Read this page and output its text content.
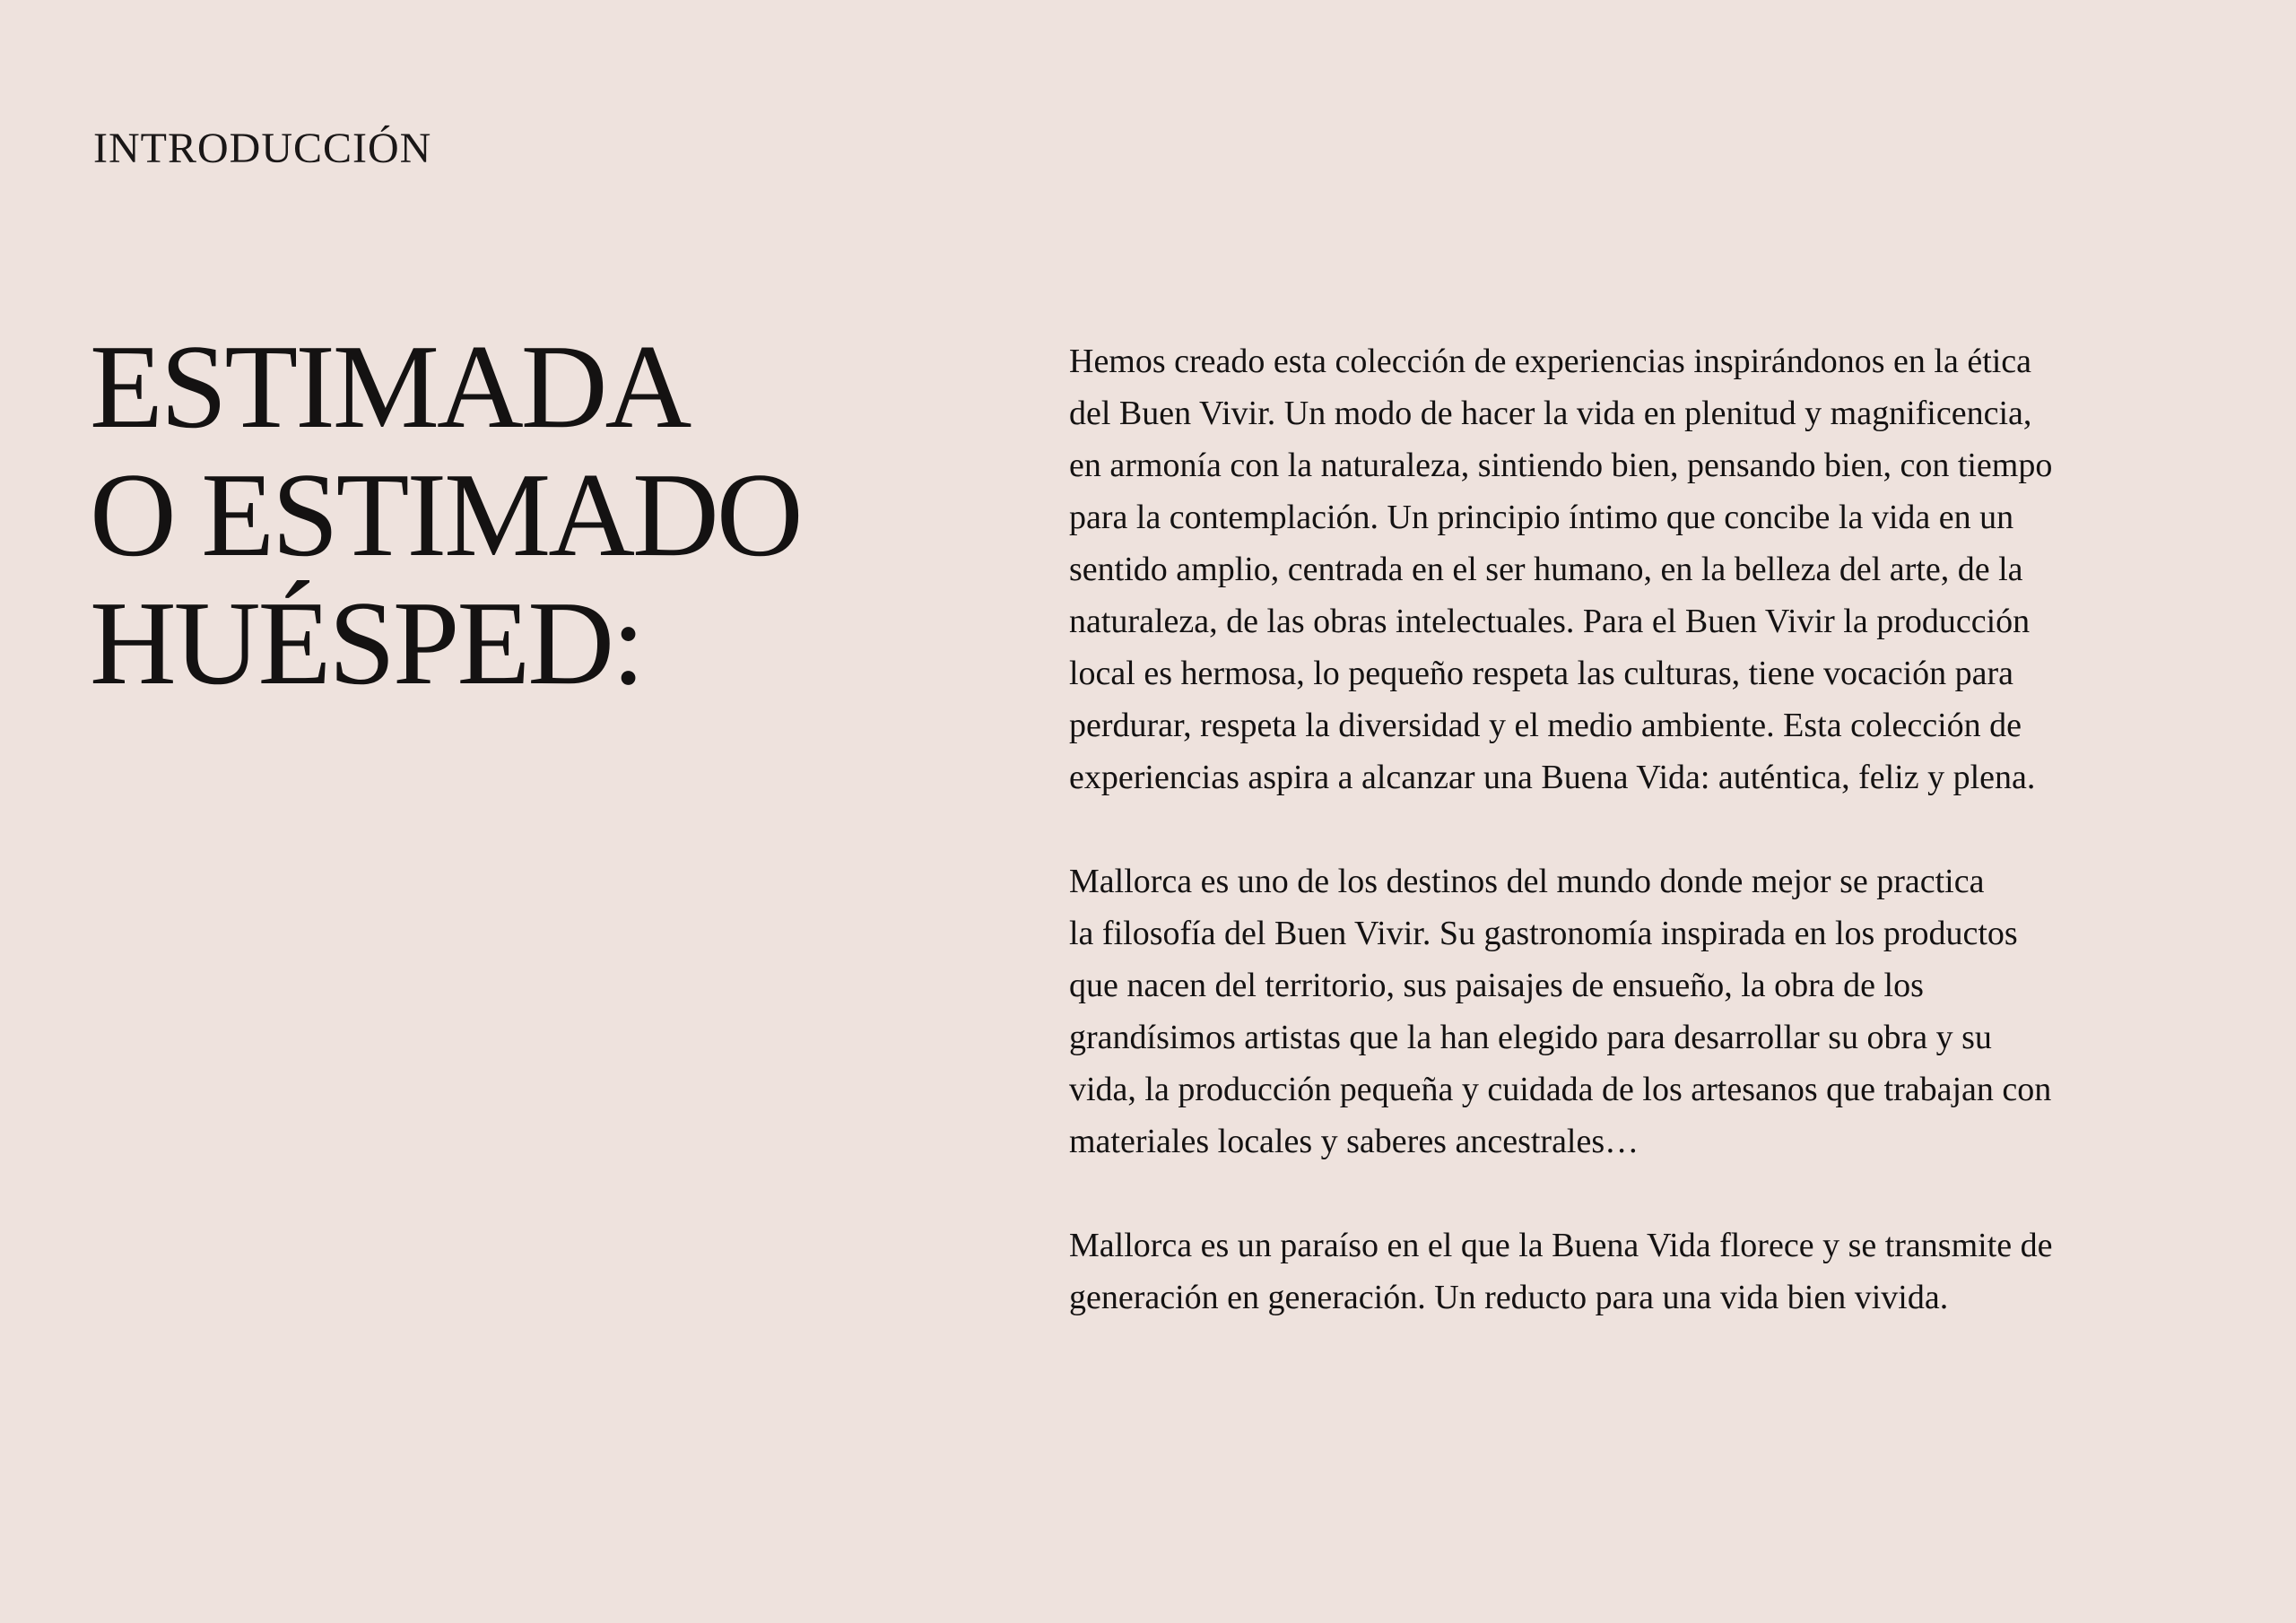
INTRODUCCIÓN
ESTIMADA
O ESTIMADO
HUÉSPED:

Hemos creado esta colección de experiencias inspirándonos en la ética
del Buen Vivir. Un modo de hacer la vida en plenitud y magnificencia,
en armonía con la naturaleza, sintiendo bien, pensando bien, con tiempo
para la contemplación. Un principio íntimo que concibe la vida en un
sentido amplio, centrada en el ser humano, en la belleza del arte, de la
naturaleza, de las obras intelectuales. Para el Buen Vivir la producción
local es hermosa, lo pequeño respeta las culturas, tiene vocación para
perdurar, respeta la diversidad y el medio ambiente. Esta colección de
experiencias aspira a alcanzar una Buena Vida: auténtica, feliz y plena.

Mallorca es uno de los destinos del mundo donde mejor se practica
la filosofía del Buen Vivir. Su gastronomía inspirada en los productos
que nacen del territorio, sus paisajes de ensueño, la obra de los
grandísimos artistas que la han elegido para desarrollar su obra y su
vida, la producción pequeña y cuidada de los artesanos que trabajan con
materiales locales y saberes ancestrales…

Mallorca es un paraíso en el que la Buena Vida florece y se transmite de
generación en generación. Un reducto para una vida bien vivida.
